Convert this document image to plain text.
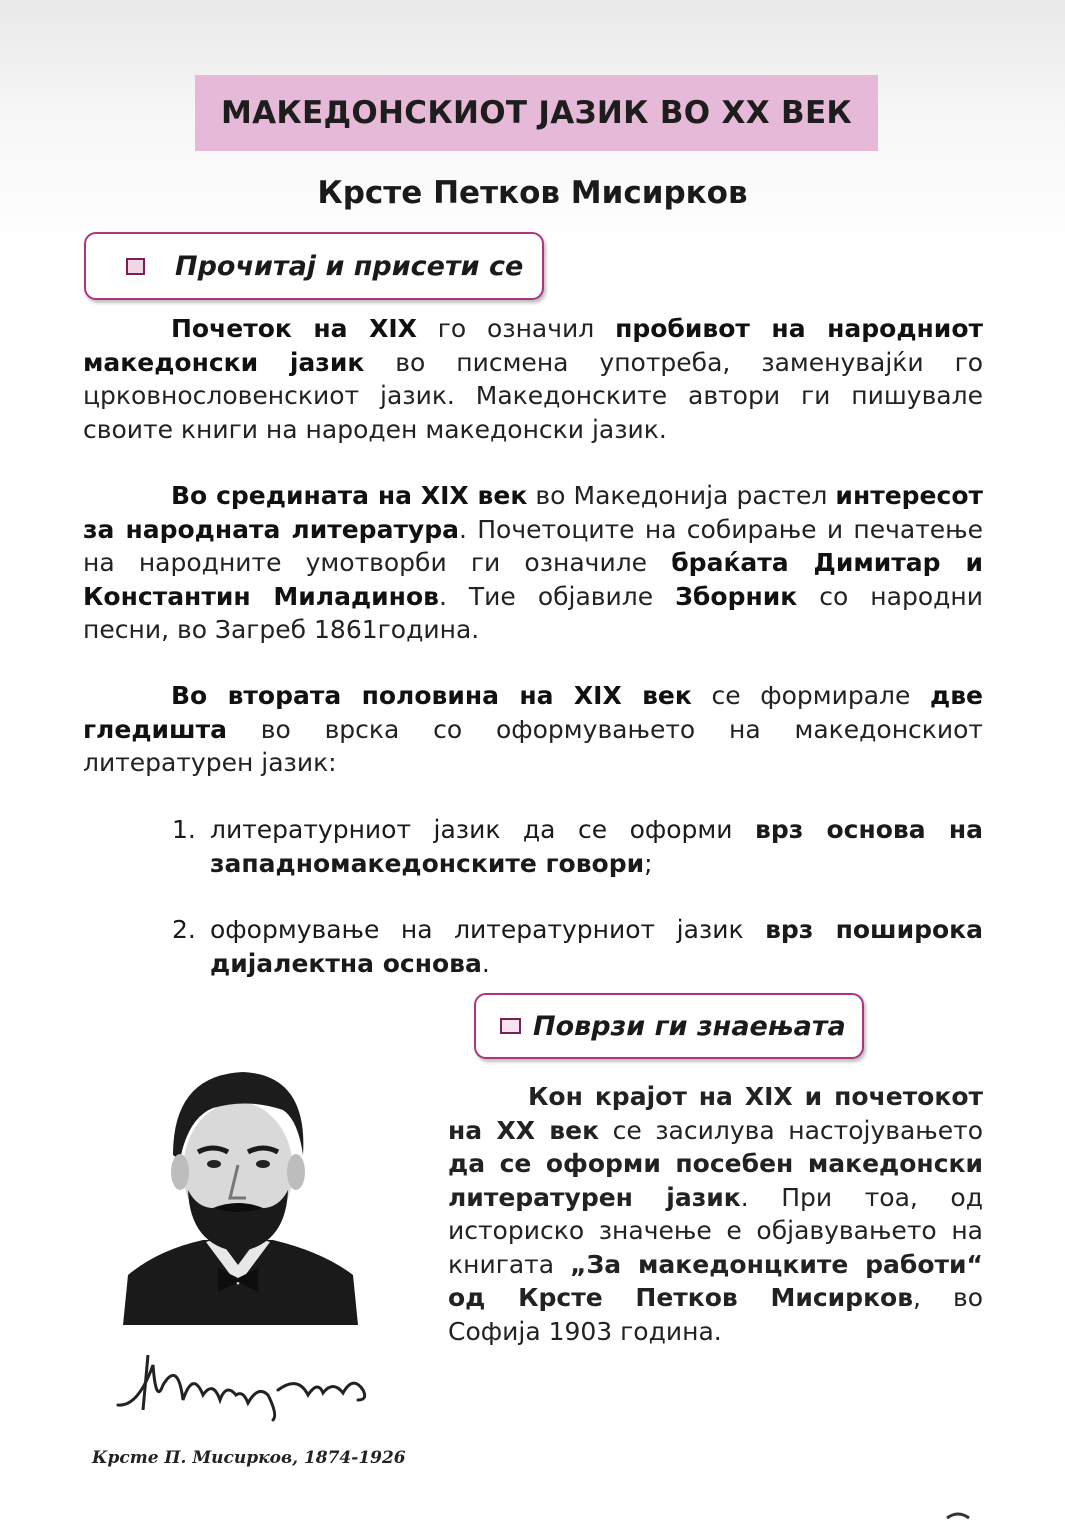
МАКЕДОНСКИОТ ЈАЗИК ВО XX ВЕК
Крсте Петков Мисирков
Прочитај и присети се
Почеток на XIX го означил пробивот на народниот македонски јазик во писмена употреба, заменувајќи го црковнословенскиот јазик. Македонските автори ги пишувале своите книги на народен македонски јазик.
Во средината на XIX век во Македонија растел интересот за народната литература. Почетоците на собирање и печатење на народните умотворби ги означиле браќата Димитар и Константин Миладинов. Тие објавиле Зборник со народни песни, во Загреб 1861година.
Во втората половина на XIX век се формирале две гледишта во врска со оформувањето на македонскиот литературен јазик:
1. литературниот јазик да се оформи врз основа на западномакедонските говори;
2. оформување на литературниот јазик врз поширока дијалектна основа.
Поврзи ги знаењата
Кон крајот на XIX и почетокот на XX век се засилува настојувањето да се оформи посебен македонски литературен јазик. При тоа, од историско значење е објавувањето на книгата „За македонцките работи“ од Крсте Петков Мисирков, во Софија 1903 година.
Крсте П. Мисирков, 1874-1926
